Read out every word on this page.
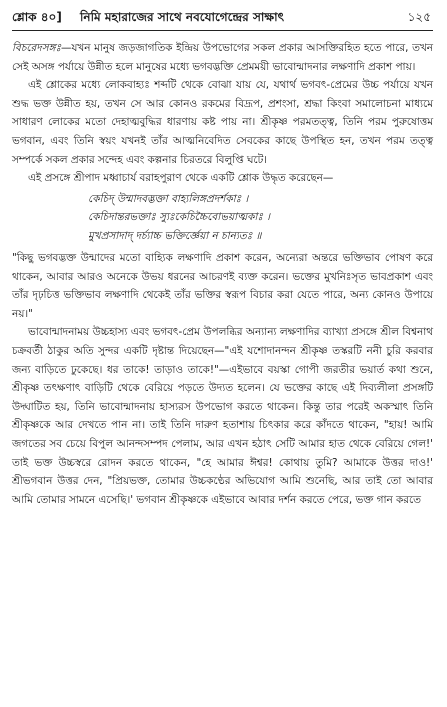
শ্লোক ৪০] নিমি মহারাজের সাথে নবযোগেন্দ্রের সাক্ষাৎ	১২৫

বিচরেদসঙ্গঃ—যখন মানুষ জড়জাগতিক ইন্দ্রিয় উপভোগের সকল প্রকার আসক্তিরহিত হতে পারে, তখন সেই অসঙ্গ পর্যায়ে উন্নীত হলে মানুষের মধ্যে ভগবদ্ভক্তি প্রেমময়ী ভাবোন্মাদনার লক্ষণাদি প্রকাশ পায়।

এই শ্লোকের মধ্যে লোকবাহ্যঃ শব্দটি থেকে বোঝা যায় যে, যথার্থ ভগবৎ-প্রেমের উচ্চ পর্যায়ে যখন শুদ্ধ ভক্ত উন্নীত হয়, তখন সে আর কোনও রকমের বিদ্রূপ, প্রশংসা, শ্রদ্ধা কিংবা সমালোচনা মাধ্যমে সাধারণ লোকের মতো দেহাত্মবুদ্ধির ধারণায় কষ্ট পায় না। শ্রীকৃষ্ণ পরমতত্ত্ব, তিনি পরম পুরুষোত্তম ভগবান, এবং তিনি স্বয়ং যখনই তাঁর আত্মনিবেদিত সেবকের কাছে উপস্থিত হন, তখন পরম তত্ত্ব সম্পর্কে সকল প্রকার সন্দেহ এবং কল্পনার চিরতরে বিলুপ্তি ঘটে।

এই প্রসঙ্গে শ্রীপাদ মধ্বাচার্য বরাহপুরাণ থেকে একটি শ্লোক উদ্ধৃত করেছেন—

কেচিদ্ উন্মাদবদ্ভক্তা বাহ্যলিঙ্গপ্রদর্শকাঃ ।
কেচিদান্তরভক্তাঃ স্যুঃকেচিচ্চৈবোভয়াত্মকাঃ ।
মুখপ্রসাদাদ্ দর্চ্যাচ্চ ভক্তির্জ্ঞেয়া ন চান্যতঃ ॥

"কিছু ভগবদ্ভক্ত উন্মাদের মতো বাহ্যিক লক্ষণাদি প্রকাশ করেন, অন্যেরা অন্তরে ভক্তিভাব পোষণ করে থাকেন, আবার আরও অনেকে উভয় ধরনের আচরণই ব্যক্ত করেন। ভক্তের মুখনিঃসৃত ভাবপ্রকাশ এবং তাঁর দৃঢ়চিত্ত ভক্তিভাব লক্ষণাদি থেকেই তাঁর ভক্তির স্বরূপ বিচার করা যেতে পারে, অন্য কোনও উপায়ে নয়।"

ভাবোন্মাদনাময় উচ্চহাস্য এবং ভগবৎ-প্রেম উপলব্ধির অন্যান্য লক্ষণাদির ব্যাখ্যা প্রসঙ্গে শ্রীল বিশ্বনাথ চক্রবর্তী ঠাকুর অতি সুন্দর একটি দৃষ্টান্ত দিয়েছেন—"এই যশোদানন্দন শ্রীকৃষ্ণ তস্করটি ননী চুরি করবার জন্য বাড়িতে ঢুকেছে। ধর তাকে! তাড়াও তাকে!"—এইভাবে বয়স্কা গোপী জরতীর ভয়ার্ত কথা শুনে, শ্রীকৃষ্ণ তৎক্ষণাৎ বাড়িটি থেকে বেরিয়ে পড়তে উদ্যত হলেন। যে ভক্তের কাছে এই দিব্যলীলা প্রসঙ্গটি উদ্ঘাটিত হয়, তিনি ভাবোন্মাদনায় হাস্যরস উপভোগ করতে থাকেন। কিন্তু তার পরেই অকস্মাৎ তিনি শ্রীকৃষ্ণকে আর দেখতে পান না। তাই তিনি দারুণ হতাশায় চিৎকার করে কাঁদতে থাকেন, "হায়! আমি জগতের সব চেয়ে বিপুল আনন্দসম্পদ পেলাম, আর এখন হঠাৎ সেটি আমার হাত থেকে বেরিয়ে গেল!' তাই ভক্ত উচ্চস্বরে রোদন করতে থাকেন, "হে আমার ঈশ্বর! কোথায় তুমি? আমাকে উত্তর দাও!' শ্রীভগবান উত্তর দেন, "প্রিয়ভক্ত, তোমার উচ্চকণ্ঠের অভিযোগ আমি শুনেছি, আর তাই তো আবার আমি তোমার সামনে এসেছি।' ভগবান শ্রীকৃষ্ণকে এইভাবে আবার দর্শন করতে পেরে, ভক্ত গান করতে
